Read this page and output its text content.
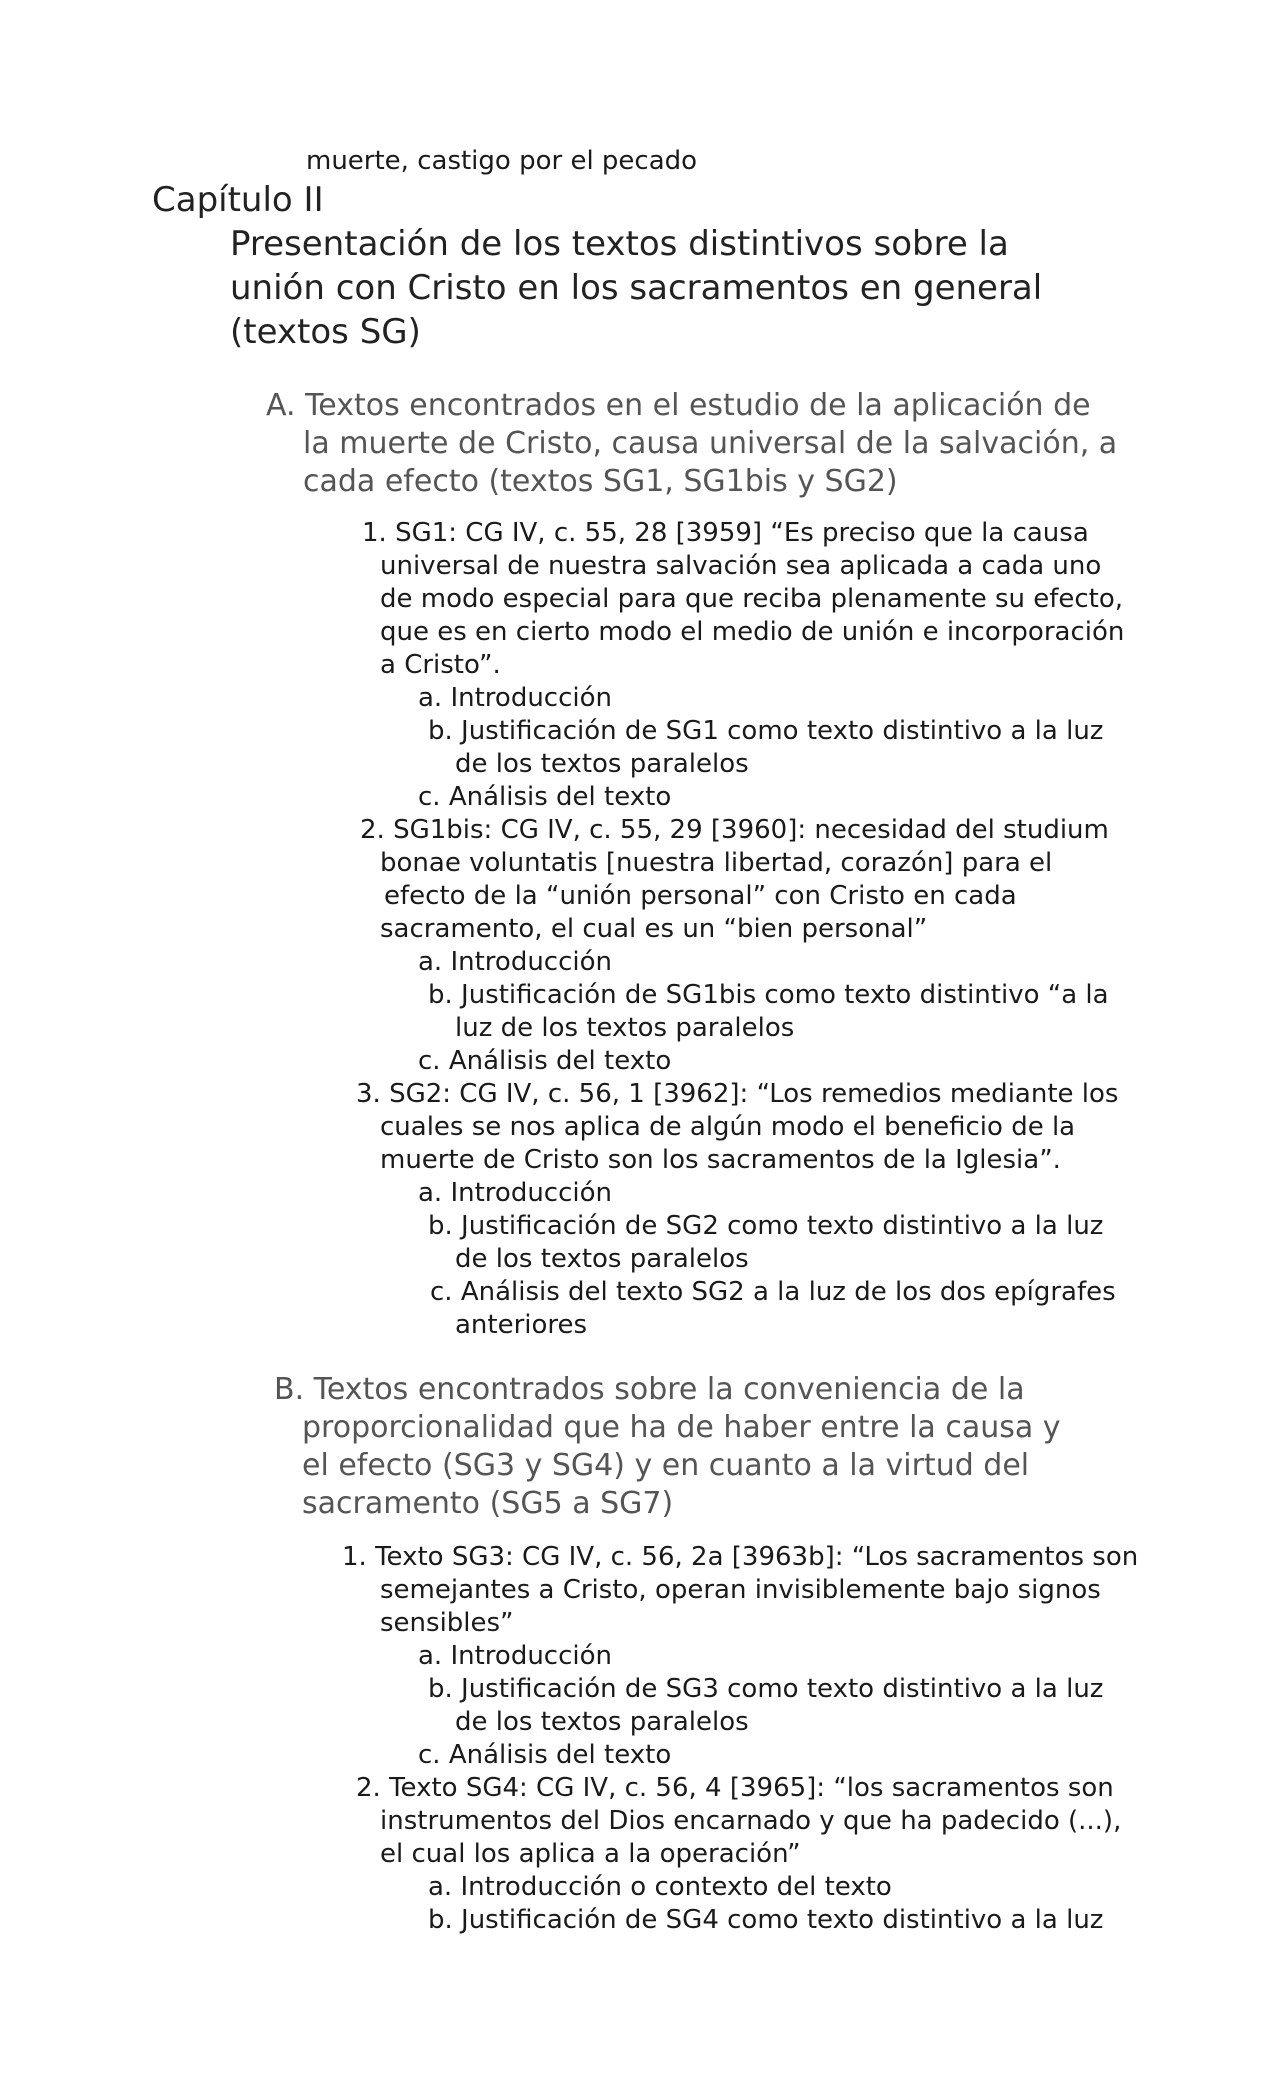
muerte, castigo por el pecado
Capítulo II
Presentación de los textos distintivos sobre la
unión con Cristo en los sacramentos en general
(textos SG)
A. Textos encontrados en el estudio de la aplicación de
la muerte de Cristo, causa universal de la salvación, a
cada efecto (textos SG1, SG1bis y SG2)
1. SG1: CG IV, c. 55, 28 [3959] “Es preciso que la causa
universal de nuestra salvación sea aplicada a cada uno
de modo especial para que reciba plenamente su efecto,
que es en cierto modo el medio de unión e incorporación
a Cristo”.
a. Introducción
b. Justificación de SG1 como texto distintivo a la luz
de los textos paralelos
c. Análisis del texto
2. SG1bis: CG IV, c. 55, 29 [3960]: necesidad del studium
bonae voluntatis [nuestra libertad, corazón] para el
efecto de la “unión personal” con Cristo en cada
sacramento, el cual es un “bien personal”
a. Introducción
b. Justificación de SG1bis como texto distintivo “a la
luz de los textos paralelos
c. Análisis del texto
3. SG2: CG IV, c. 56, 1 [3962]: “Los remedios mediante los
cuales se nos aplica de algún modo el beneficio de la
muerte de Cristo son los sacramentos de la Iglesia”.
a. Introducción
b. Justificación de SG2 como texto distintivo a la luz
de los textos paralelos
c. Análisis del texto SG2 a la luz de los dos epígrafes
anteriores
B. Textos encontrados sobre la conveniencia de la
proporcionalidad que ha de haber entre la causa y
el efecto (SG3 y SG4) y en cuanto a la virtud del
sacramento (SG5 a SG7)
1. Texto SG3: CG IV, c. 56, 2a [3963b]: “Los sacramentos son
semejantes a Cristo, operan invisiblemente bajo signos
sensibles”
a. Introducción
b. Justificación de SG3 como texto distintivo a la luz
de los textos paralelos
c. Análisis del texto
2. Texto SG4: CG IV, c. 56, 4 [3965]: “los sacramentos son
instrumentos del Dios encarnado y que ha padecido (...),
el cual los aplica a la operación”
a. Introducción o contexto del texto
b. Justificación de SG4 como texto distintivo a la luz
